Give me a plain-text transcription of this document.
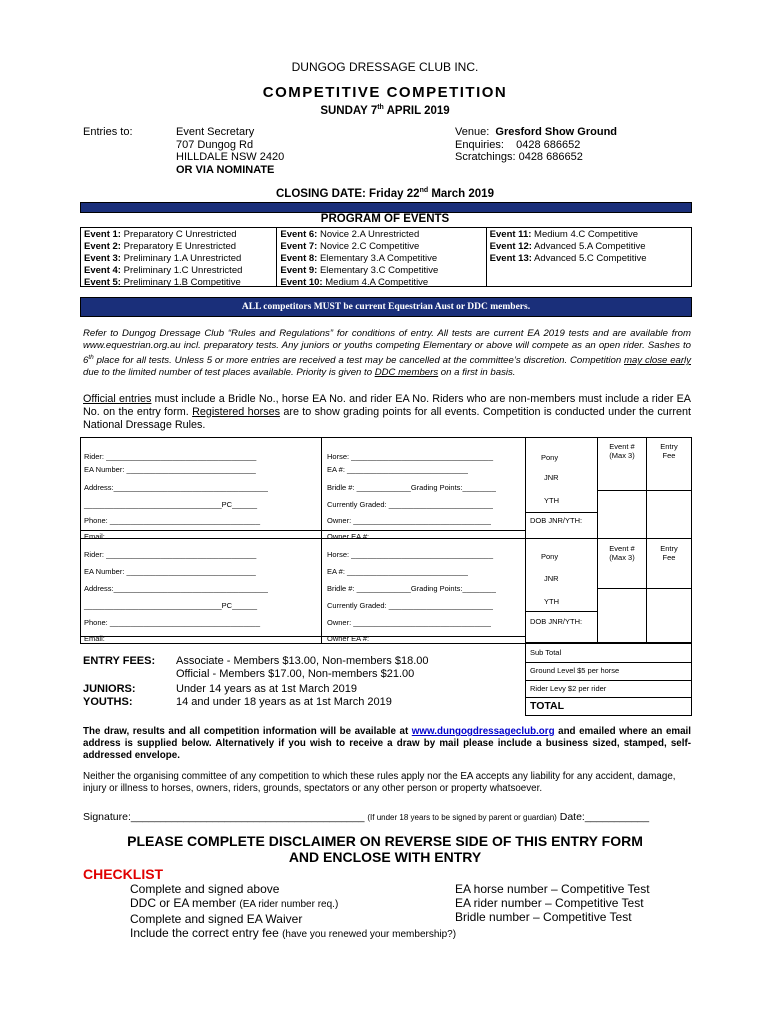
DUNGOG DRESSAGE CLUB INC.
COMPETITIVE COMPETITION
SUNDAY 7th APRIL 2019
Entries to:	Event Secretary
707 Dungog Rd
HILLDALE NSW 2420
OR VIA NOMINATE
Venue: Gresford Show Ground
Enquiries: 0428 686652
Scratchings: 0428 686652
CLOSING DATE: Friday 22nd March 2019
PROGRAM OF EVENTS
Event 1: Preparatory C Unrestricted
Event 2: Preparatory E Unrestricted
Event 3: Preliminary 1.A Unrestricted
Event 4: Preliminary 1.C Unrestricted
Event 5: Preliminary 1.B Competitive
Event 6: Novice 2.A Unrestricted
Event 7: Novice 2.C Competitive
Event 8: Elementary 3.A Competitive
Event 9: Elementary 3.C Competitive
Event 10: Medium 4.A Competitive
Event 11: Medium 4.C Competitive
Event 12: Advanced 5.A Competitive
Event 13: Advanced 5.C Competitive
ALL competitors MUST be current Equestrian Aust or DDC members.
Refer to Dungog Dressage Club “Rules and Regulations” for conditions of entry. All tests are current EA 2019 tests and are available from www.equestrian.org.au incl. preparatory tests. Any juniors or youths competing Elementary or above will compete as an open rider. Sashes to 6th place for all tests. Unless 5 or more entries are received a test may be cancelled at the committee’s discretion. Competition may close early due to the limited number of test places available. Priority is given to DDC members on a first in basis.
Official entries must include a Bridle No., horse EA No. and rider EA No. Riders who are non-members must include a rider EA No. on the entry form. Registered horses are to show grading points for all events. Competition is conducted under the current National Dressage Rules.
Rider: ____________________________________
EA Number: _______________________________
Address:_____________________________________
_________________________________PC______
Phone: ____________________________________
Email:
Horse: __________________________________
EA #: _____________________________
Bridle #: _____________Grading Points:________
Currently Graded: _________________________
Owner: _________________________________
Owner EA #:
Pony
JNR
YTH
DOB JNR/YTH:
Event #
(Max 3)
Entry
Fee
Rider: ____________________________________
EA Number: _______________________________
Address:_____________________________________
_________________________________PC______
Phone: ____________________________________
Email:
Horse: __________________________________
EA #: _____________________________
Bridle #: _____________Grading Points:________
Currently Graded: _________________________
Owner: _________________________________
Owner EA #:
Pony
JNR
YTH
DOB JNR/YTH:
Event #
(Max 3)
Entry
Fee
Sub Total
Ground Level $5 per horse
Rider Levy $2 per rider
TOTAL
ENTRY FEES: Associate - Members $13.00, Non-members $18.00
Official - Members $17.00, Non-members $21.00
JUNIORS:
YOUTHS:
Under 14 years as at 1st March 2019
14 and under 18 years as at 1st March 2019
The draw, results and all competition information will be available at www.dungogdressageclub.org and emailed where an email address is supplied below. Alternatively if you wish to receive a draw by mail please include a business sized, stamped, self-addressed envelope.
Neither the organising committee of any competition to which these rules apply nor the EA accepts any liability for any accident, damage, injury or illness to horses, owners, riders, grounds, spectators or any other person or property whatsoever.
Signature:________________________________________ (If under 18 years to be signed by parent or guardian) Date:___________
PLEASE COMPLETE DISCLAIMER ON REVERSE SIDE OF THIS ENTRY FORM
AND ENCLOSE WITH ENTRY
CHECKLIST
Complete and signed above
DDC or EA member (EA rider number req.)
Complete and signed EA Waiver
Include the correct entry fee (have you renewed your membership?)
EA horse number – Competitive Test
EA rider number – Competitive Test
Bridle number – Competitive Test
